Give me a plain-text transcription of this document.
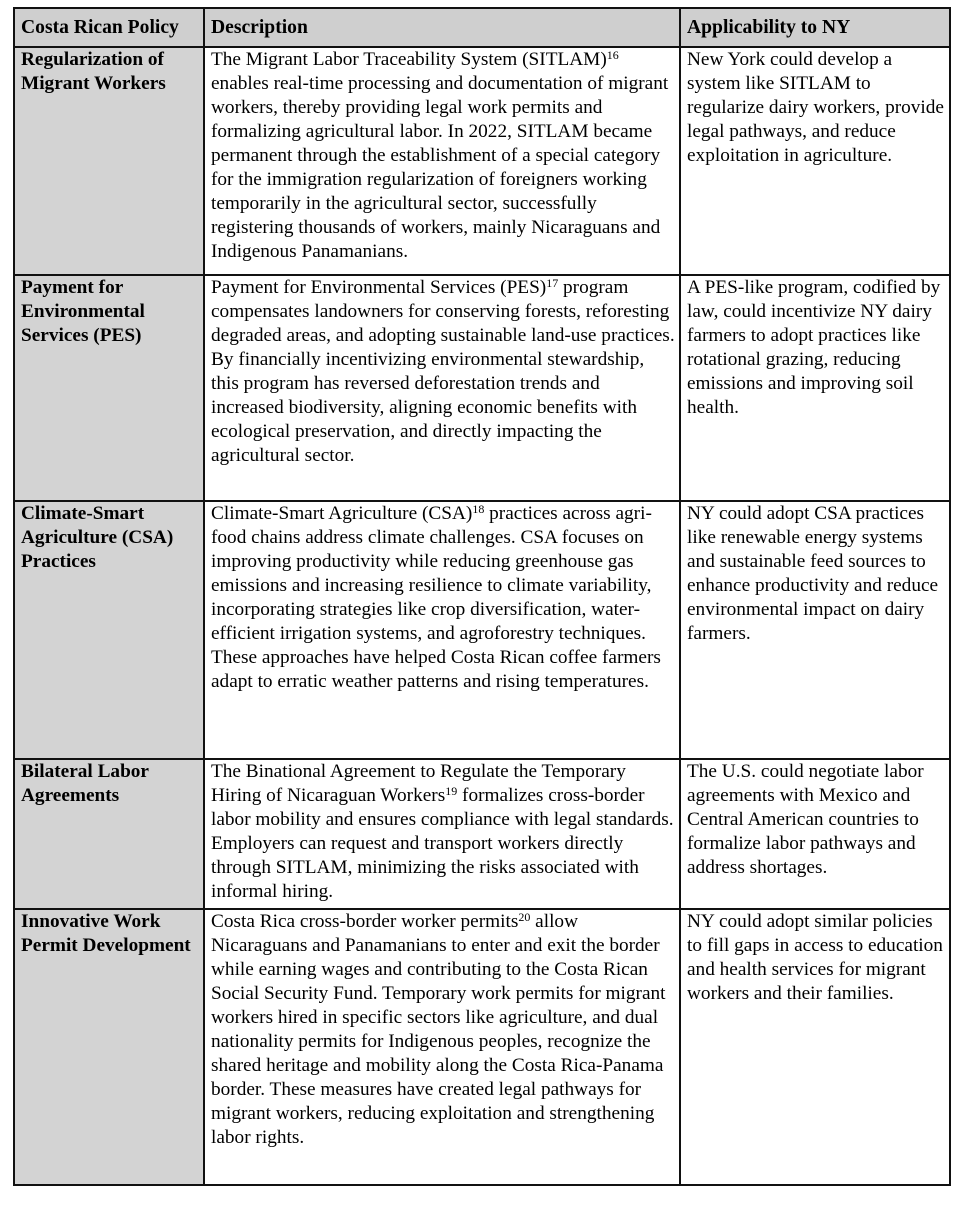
Costa Rican Policy	Description	Applicability to NY
Regularization of Migrant Workers	The Migrant Labor Traceability System (SITLAM)$^{16}$ enables real-time processing and documentation of migrant workers, thereby providing legal work permits and formalizing agricultural labor. In 2022, SITLAM became permanent through the establishment of a special category for the immigration regularization of foreigners working temporarily in the agricultural sector, successfully registering thousands of workers, mainly Nicaraguans and Indigenous Panamanians.	New York could develop a system like SITLAM to regularize dairy workers, provide legal pathways, and reduce exploitation in agriculture.
Payment for Environmental Services (PES)	Payment for Environmental Services (PES)$^{17}$ program compensates landowners for conserving forests, reforesting degraded areas, and adopting sustainable land-use practices. By financially incentivizing environmental stewardship, this program has reversed deforestation trends and increased biodiversity, aligning economic benefits with ecological preservation, and directly impacting the agricultural sector.	A PES-like program, codified by law, could incentivize NY dairy farmers to adopt practices like rotational grazing, reducing emissions and improving soil health.
Climate-Smart Agriculture (CSA) Practices	Climate-Smart Agriculture (CSA)$^{18}$ practices across agri-food chains address climate challenges. CSA focuses on improving productivity while reducing greenhouse gas emissions and increasing resilience to climate variability, incorporating strategies like crop diversification, water-efficient irrigation systems, and agroforestry techniques. These approaches have helped Costa Rican coffee farmers adapt to erratic weather patterns and rising temperatures.	NY could adopt CSA practices like renewable energy systems and sustainable feed sources to enhance productivity and reduce environmental impact on dairy farmers.
Bilateral Labor Agreements	The Binational Agreement to Regulate the Temporary Hiring of Nicaraguan Workers$^{19}$ formalizes cross-border labor mobility and ensures compliance with legal standards. Employers can request and transport workers directly through SITLAM, minimizing the risks associated with informal hiring.	The U.S. could negotiate labor agreements with Mexico and Central American countries to formalize labor pathways and address shortages.
Innovative Work Permit Development	Costa Rica cross-border worker permits$^{20}$ allow Nicaraguans and Panamanians to enter and exit the border while earning wages and contributing to the Costa Rican Social Security Fund. Temporary work permits for migrant workers hired in specific sectors like agriculture, and dual nationality permits for Indigenous peoples, recognize the shared heritage and mobility along the Costa Rica-Panama border. These measures have created legal pathways for migrant workers, reducing exploitation and strengthening labor rights.	NY could adopt similar policies to fill gaps in access to education and health services for migrant workers and their families.
